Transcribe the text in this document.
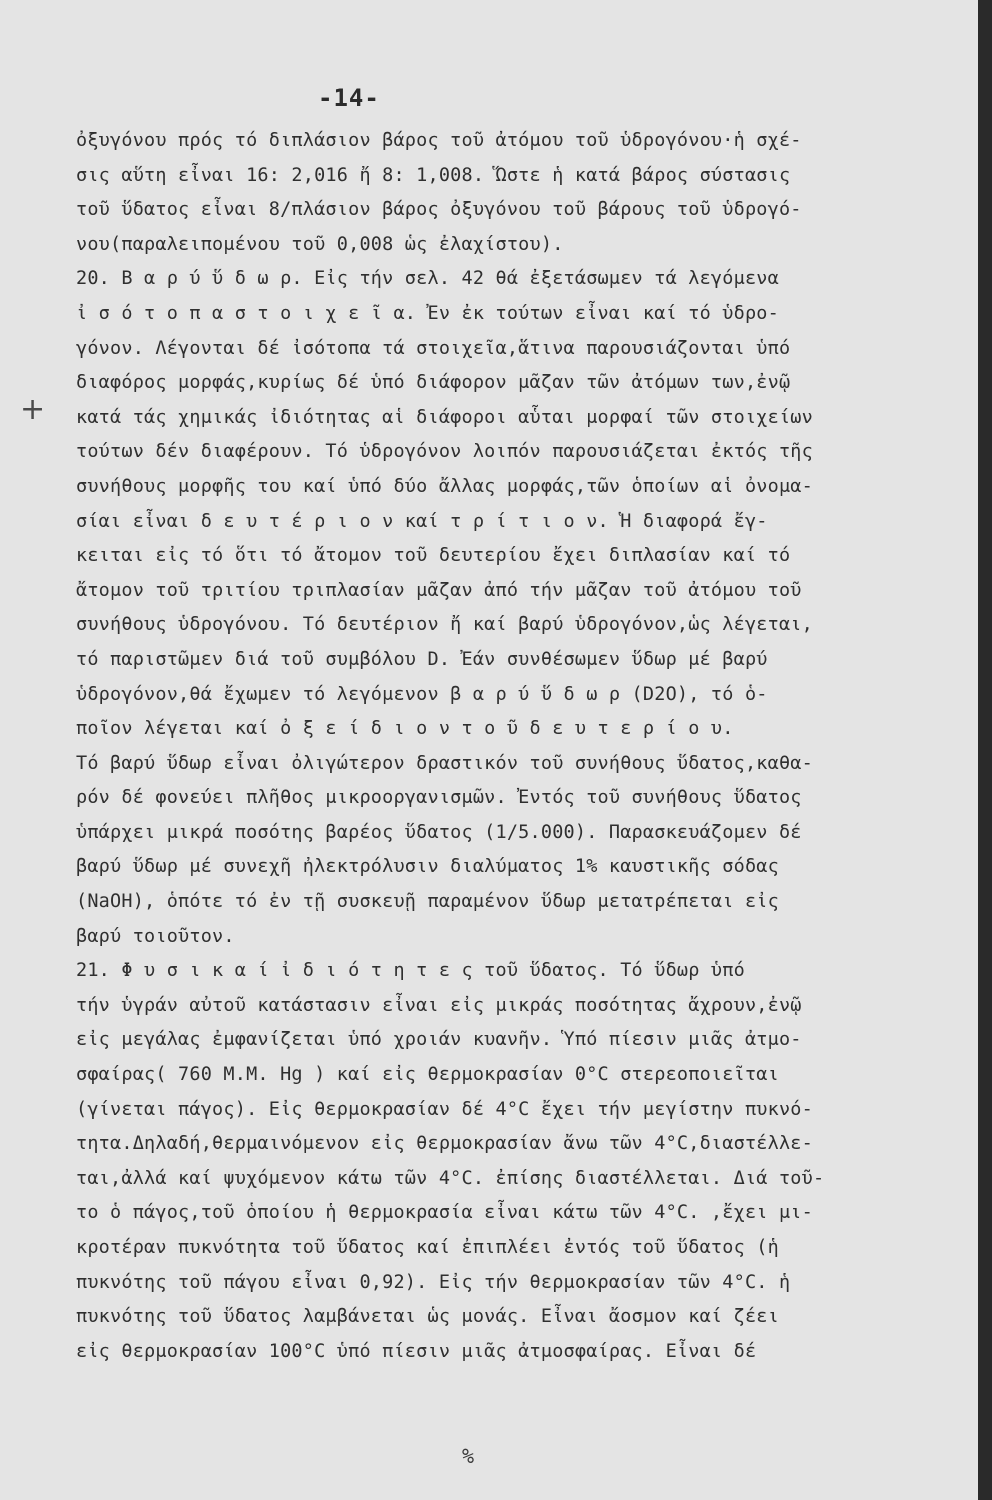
-14-
+
ὀξυγόνου πρός τό διπλάσιον βάρος τοῦ ἀτόμου τοῦ ὑδρογόνου·ἡ σχέ-
σις αὕτη εἶναι 16: 2,016 ἤ 8: 1,008. Ὥστε ἡ κατά βάρος σύστασις
τοῦ ὕδατος εἶναι 8/πλάσιον βάρος ὀξυγόνου τοῦ βάρους τοῦ ὑδρογό-
νου(παραλειπομένου τοῦ 0,008 ὡς ἐλαχίστου).
20. Β α ρ ύ ὕ δ ω ρ. Εἰς τήν σελ. 42 θά ἐξετάσωμεν τά λεγόμενα
ἰ σ ό τ ο π α σ τ ο ι χ ε ῖ α. Ἐν ἐκ τούτων εἶναι καί τό ὑδρο-
γόνον. Λέγονται δέ ἰσότοπα τά στοιχεῖα,ἅτινα παρουσιάζονται ὑπό
διαφόρος μορφάς,κυρίως δέ ὑπό διάφορον μᾶζαν τῶν ἀτόμων των,ἐνῷ
κατά τάς χημικάς ἰδιότητας αἱ διάφοροι αὗται μορφαί τῶν στοιχείων
τούτων δέν διαφέρουν. Τό ὑδρογόνον λοιπόν παρουσιάζεται ἐκτός τῆς
συνήθους μορφῆς του καί ὑπό δύο ἄλλας μορφάς,τῶν ὁποίων αἱ ὀνομα-
σίαι εἶναι δ ε υ τ έ ρ ι ο ν καί τ ρ ί τ ι ο ν. Ἡ διαφορά ἔγ-
κειται εἰς τό ὅτι τό ἄτομον τοῦ δευτερίου ἔχει διπλασίαν καί τό
ἄτομον τοῦ τριτίου τριπλασίαν μᾶζαν ἀπό τήν μᾶζαν τοῦ ἀτόμου τοῦ
συνήθους ὑδρογόνου. Τό δευτέριον ἤ καί βαρύ ὑδρογόνον,ὡς λέγεται,
τό παριστῶμεν διά τοῦ συμβόλου D. Ἐάν συνθέσωμεν ὕδωρ μέ βαρύ
ὑδρογόνον,θά ἔχωμεν τό λεγόμενον β α ρ ύ ὕ δ ω ρ (D2O), τό ὁ-
ποῖον λέγεται καί ὀ ξ ε ί δ ι ο ν τ ο ῦ δ ε υ τ ε ρ ί ο υ.
Τό βαρύ ὕδωρ εἶναι ὀλιγώτερον δραστικόν τοῦ συνήθους ὕδατος,καθα-
ρόν δέ φονεύει πλῆθος μικροοργανισμῶν. Ἐντός τοῦ συνήθους ὕδατος
ὑπάρχει μικρά ποσότης βαρέος ὕδατος (1/5.000). Παρασκευάζομεν δέ
βαρύ ὕδωρ μέ συνεχῆ ἠλεκτρόλυσιν διαλύματος 1% καυστικῆς σόδας
(NaOH), ὁπότε τό ἐν τῇ συσκευῇ παραμένον ὕδωρ μετατρέπεται εἰς
βαρύ τοιοῦτον.
21. Φ υ σ ι κ α ί ἰ δ ι ό τ η τ ε ς τοῦ ὕδατος. Τό ὕδωρ ὑπό
τήν ὑγράν αὐτοῦ κατάστασιν εἶναι εἰς μικράς ποσότητας ἄχρουν,ἐνῷ
εἰς μεγάλας ἐμφανίζεται ὑπό χροιάν κυανῆν. Ὑπό πίεσιν μιᾶς ἀτμο-
σφαίρας( 760 Μ.Μ. Hg ) καί εἰς θερμοκρασίαν 0°C στερεοποιεῖται
(γίνεται πάγος). Εἰς θερμοκρασίαν δέ 4°C ἔχει τήν μεγίστην πυκνό-
τητα.Δηλαδή,θερμαινόμενον εἰς θερμοκρασίαν ἄνω τῶν 4°C,διαστέλλε-
ται,ἀλλά καί ψυχόμενον κάτω τῶν 4°C. ἐπίσης διαστέλλεται. Διά τοῦ-
το ὁ πάγος,τοῦ ὁποίου ἡ θερμοκρασία εἶναι κάτω τῶν 4°C. ,ἔχει μι-
κροτέραν πυκνότητα τοῦ ὕδατος καί ἐπιπλέει ἐντός τοῦ ὕδατος (ἡ
πυκνότης τοῦ πάγου εἶναι 0,92). Εἰς τήν θερμοκρασίαν τῶν 4°C. ἡ
πυκνότης τοῦ ὕδατος λαμβάνεται ὡς μονάς. Εἶναι ἄοσμον καί ζέει
εἰς θερμοκρασίαν 100°C ὑπό πίεσιν μιᾶς ἀτμοσφαίρας. Εἶναι δέ
%
